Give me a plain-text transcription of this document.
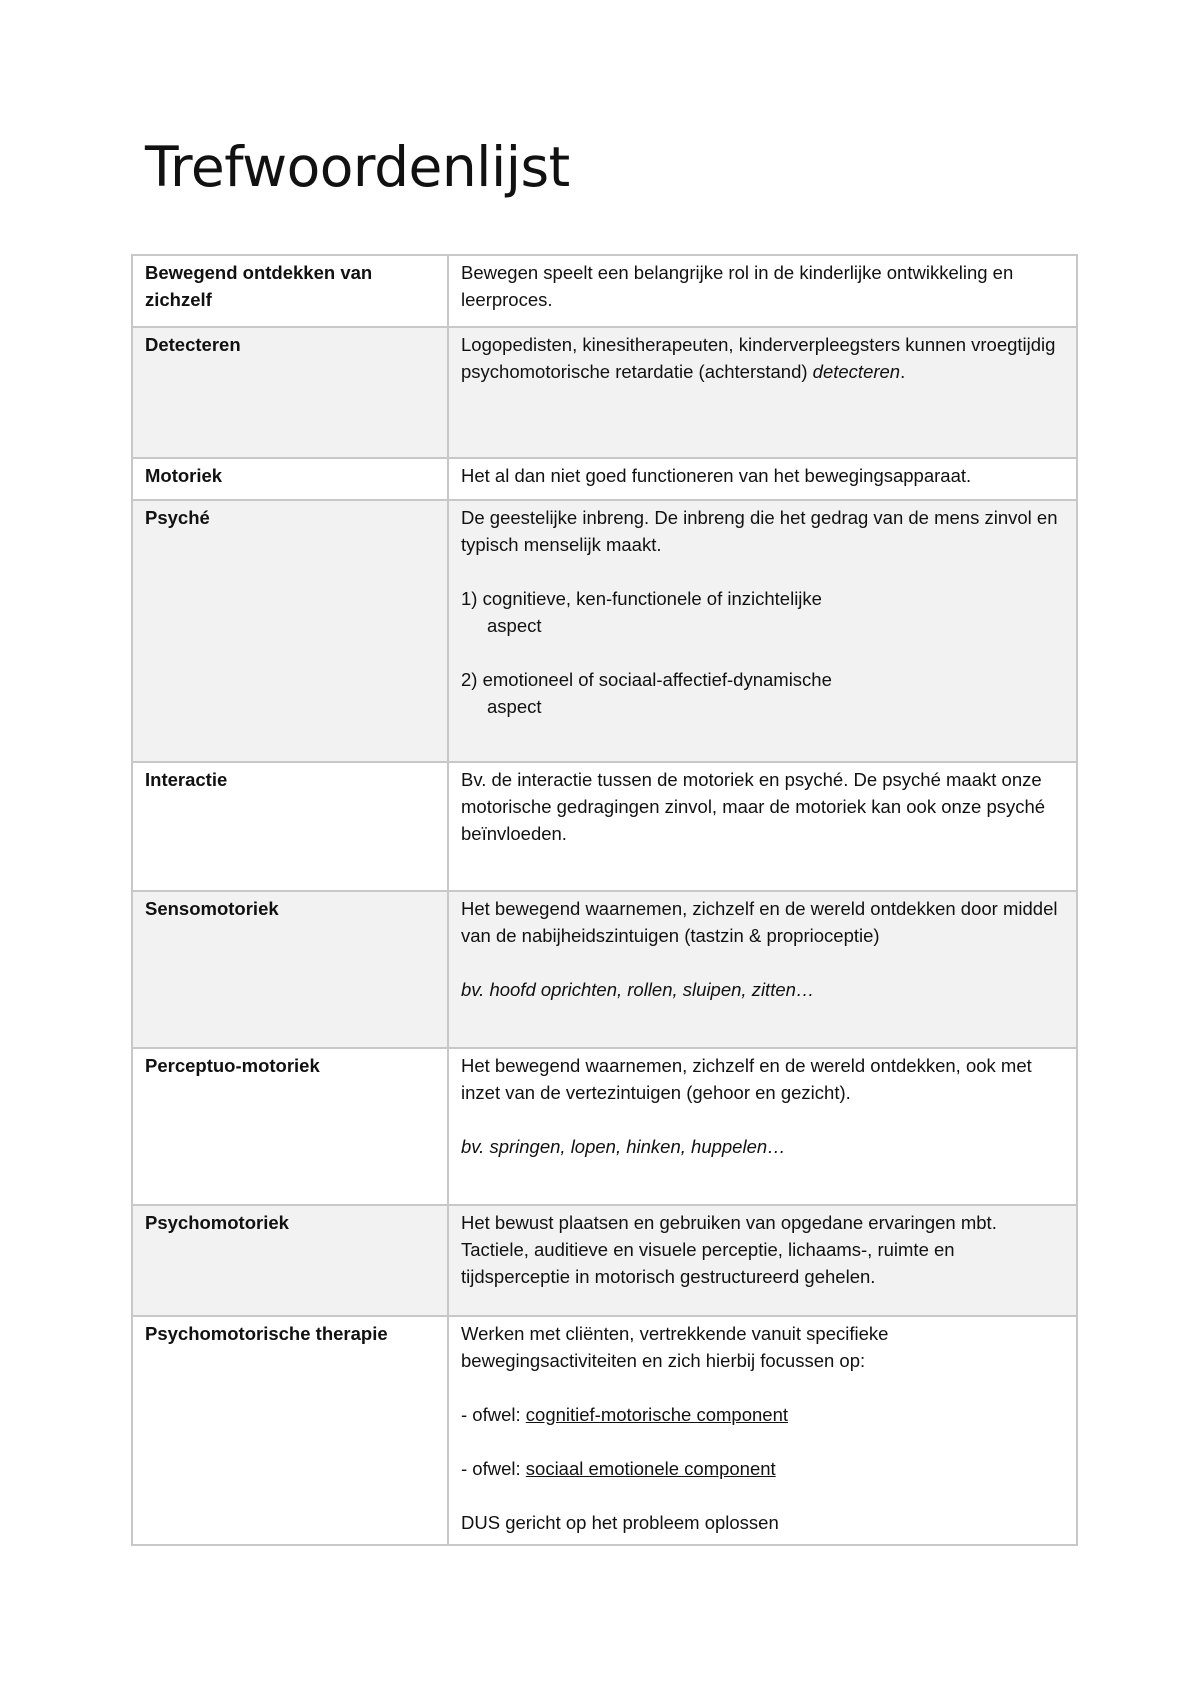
Trefwoordenlijst
Bewegend ontdekken van zichzelf	Bewegen speelt een belangrijke rol in de kinderlijke ontwikkeling en leerproces.

Detecteren	Logopedisten, kinesitherapeuten, kinderverpleegsters kunnen vroegtijdig psychomotorische retardatie (achterstand) detecteren.

Motoriek	Het al dan niet goed functioneren van het bewegingsapparaat.

Psyché	De geestelijke inbreng. De inbreng die het gedrag van de mens zinvol en typisch menselijk maakt.

1) cognitieve, ken-functionele of inzichtelijke
aspect

2) emotioneel of sociaal-affectief-dynamische
aspect

Interactie	Bv. de interactie tussen de motoriek en psyché. De psyché maakt onze motorische gedragingen zinvol, maar de motoriek kan ook onze psyché beïnvloeden.

Sensomotoriek	Het bewegend waarnemen, zichzelf en de wereld ontdekken door middel van de nabijheidszintuigen (tastzin & proprioceptie)

bv. hoofd oprichten, rollen, sluipen, zitten…

Perceptuo-motoriek	Het bewegend waarnemen, zichzelf en de wereld ontdekken, ook met inzet van de vertezintuigen (gehoor en gezicht).

bv. springen, lopen, hinken, huppelen…

Psychomotoriek	Het bewust plaatsen en gebruiken van opgedane ervaringen mbt. Tactiele, auditieve en visuele perceptie, lichaams-, ruimte en tijdsperceptie in motorisch gestructureerd gehelen.

Psychomotorische therapie	Werken met cliënten, vertrekkende vanuit specifieke bewegingsactiviteiten en zich hierbij focussen op:

- ofwel: cognitief-motorische component

- ofwel: sociaal emotionele component

DUS gericht op het probleem oplossen
